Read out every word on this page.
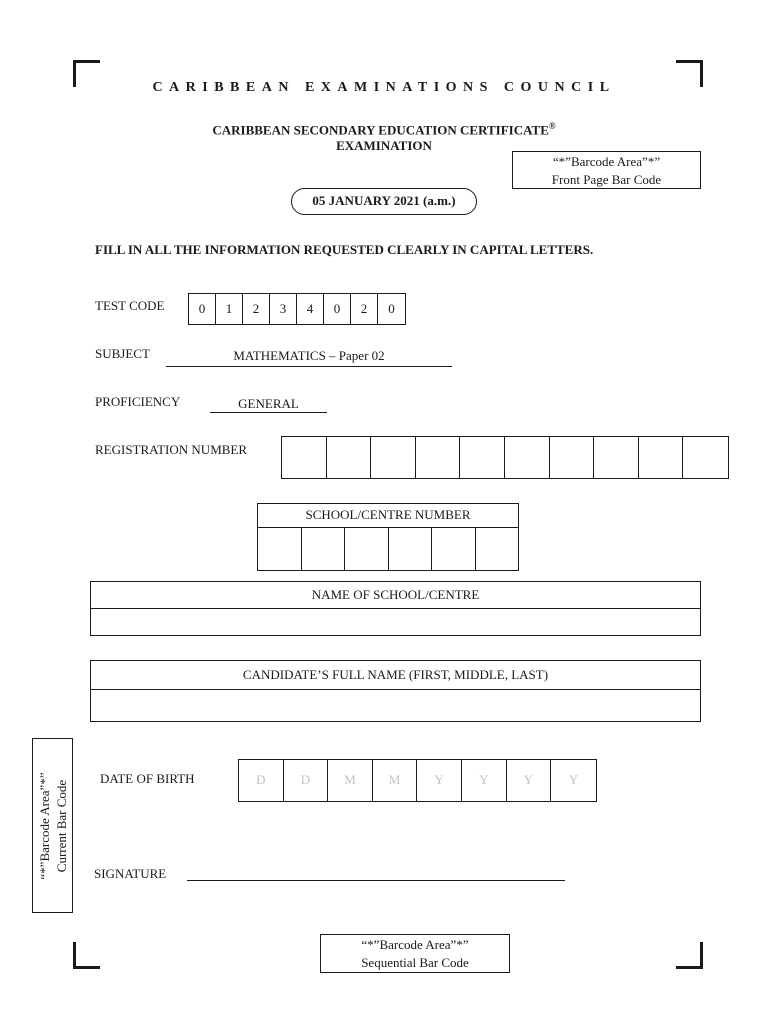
CARIBBEAN EXAMINATIONS COUNCIL
CARIBBEAN SECONDARY EDUCATION CERTIFICATE®
EXAMINATION
“*”Barcode Area”*”
Front Page Bar Code
05 JANUARY 2021 (a.m.)
FILL IN ALL THE INFORMATION REQUESTED CLEARLY IN CAPITAL LETTERS.
TEST CODE	0	1	2	3	4	0	2	0
SUBJECT	MATHEMATICS – Paper 02
PROFICIENCY	GENERAL
REGISTRATION NUMBER
SCHOOL/CENTRE NUMBER
NAME OF SCHOOL/CENTRE
CANDIDATE’S FULL NAME (FIRST, MIDDLE, LAST)
“*”Barcode Area”*” Current Bar Code
DATE OF BIRTH	D	D	M	M	Y	Y	Y	Y
SIGNATURE
“*”Barcode Area”*”
Sequential Bar Code
